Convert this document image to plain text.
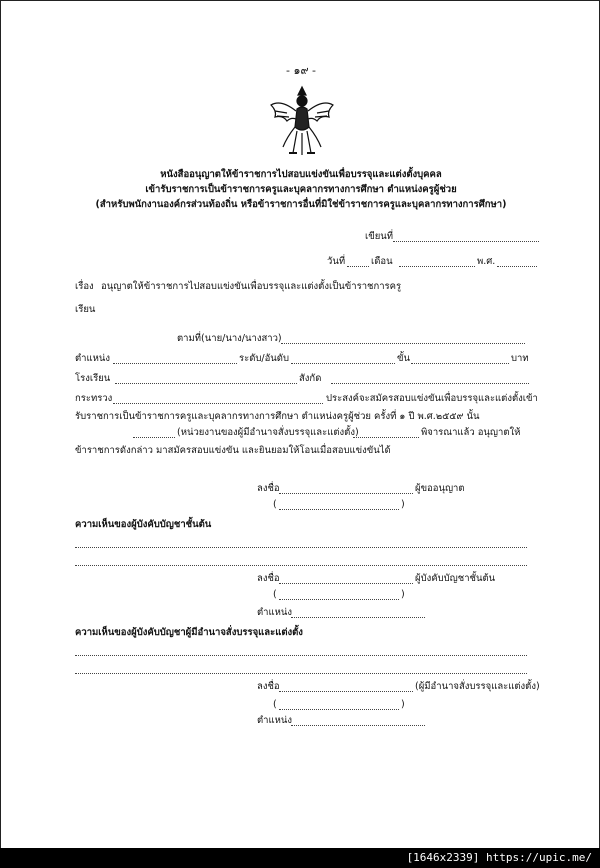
- ๑๙ -
หนังสืออนุญาตให้ข้าราชการไปสอบแข่งขันเพื่อบรรจุและแต่งตั้งบุคคล
เข้ารับราชการเป็นข้าราชการครูและบุคลากรทางการศึกษา ตำแหน่งครูผู้ช่วย
(สำหรับพนักงานองค์กรส่วนท้องถิ่น หรือข้าราชการอื่นที่มิใช่ข้าราชการครูและบุคลากรทางการศึกษา)
เขียนที่
วันที่	เดือน	พ.ศ.
เรื่อง อนุญาตให้ข้าราชการไปสอบแข่งขันเพื่อบรรจุและแต่งตั้งเป็นข้าราชการครู
เรียน
ตามที่(นาย/นาง/นางสาว)
ตำแหน่ง	ระดับ/อันดับ	ขั้น	บาท
โรงเรียน	สังกัด
กระทรวง	ประสงค์จะสมัครสอบแข่งขันเพื่อบรรจุและแต่งตั้งเข้า
รับราชการเป็นข้าราชการครูและบุคลากรทางการศึกษา ตำแหน่งครูผู้ช่วย ครั้งที่ ๑ ปี พ.ศ.๒๕๕๙ นั้น
(หน่วยงานของผู้มีอำนาจสั่งบรรจุและแต่งตั้ง)	พิจารณาแล้ว อนุญาตให้
ข้าราชการดังกล่าว มาสมัครสอบแข่งขัน และยินยอมให้โอนเมื่อสอบแข่งขันได้
ลงชื่อ	ผู้ขออนุญาต
(	)
ความเห็นของผู้บังคับบัญชาชั้นต้น
ลงชื่อ	ผู้บังคับบัญชาชั้นต้น
(	)
ตำแหน่ง
ความเห็นของผู้บังคับบัญชาผู้มีอำนาจสั่งบรรจุและแต่งตั้ง
ลงชื่อ	(ผู้มีอำนาจสั่งบรรจุและแต่งตั้ง)
(	)
ตำแหน่ง
[1646x2339] https://upic.me/
